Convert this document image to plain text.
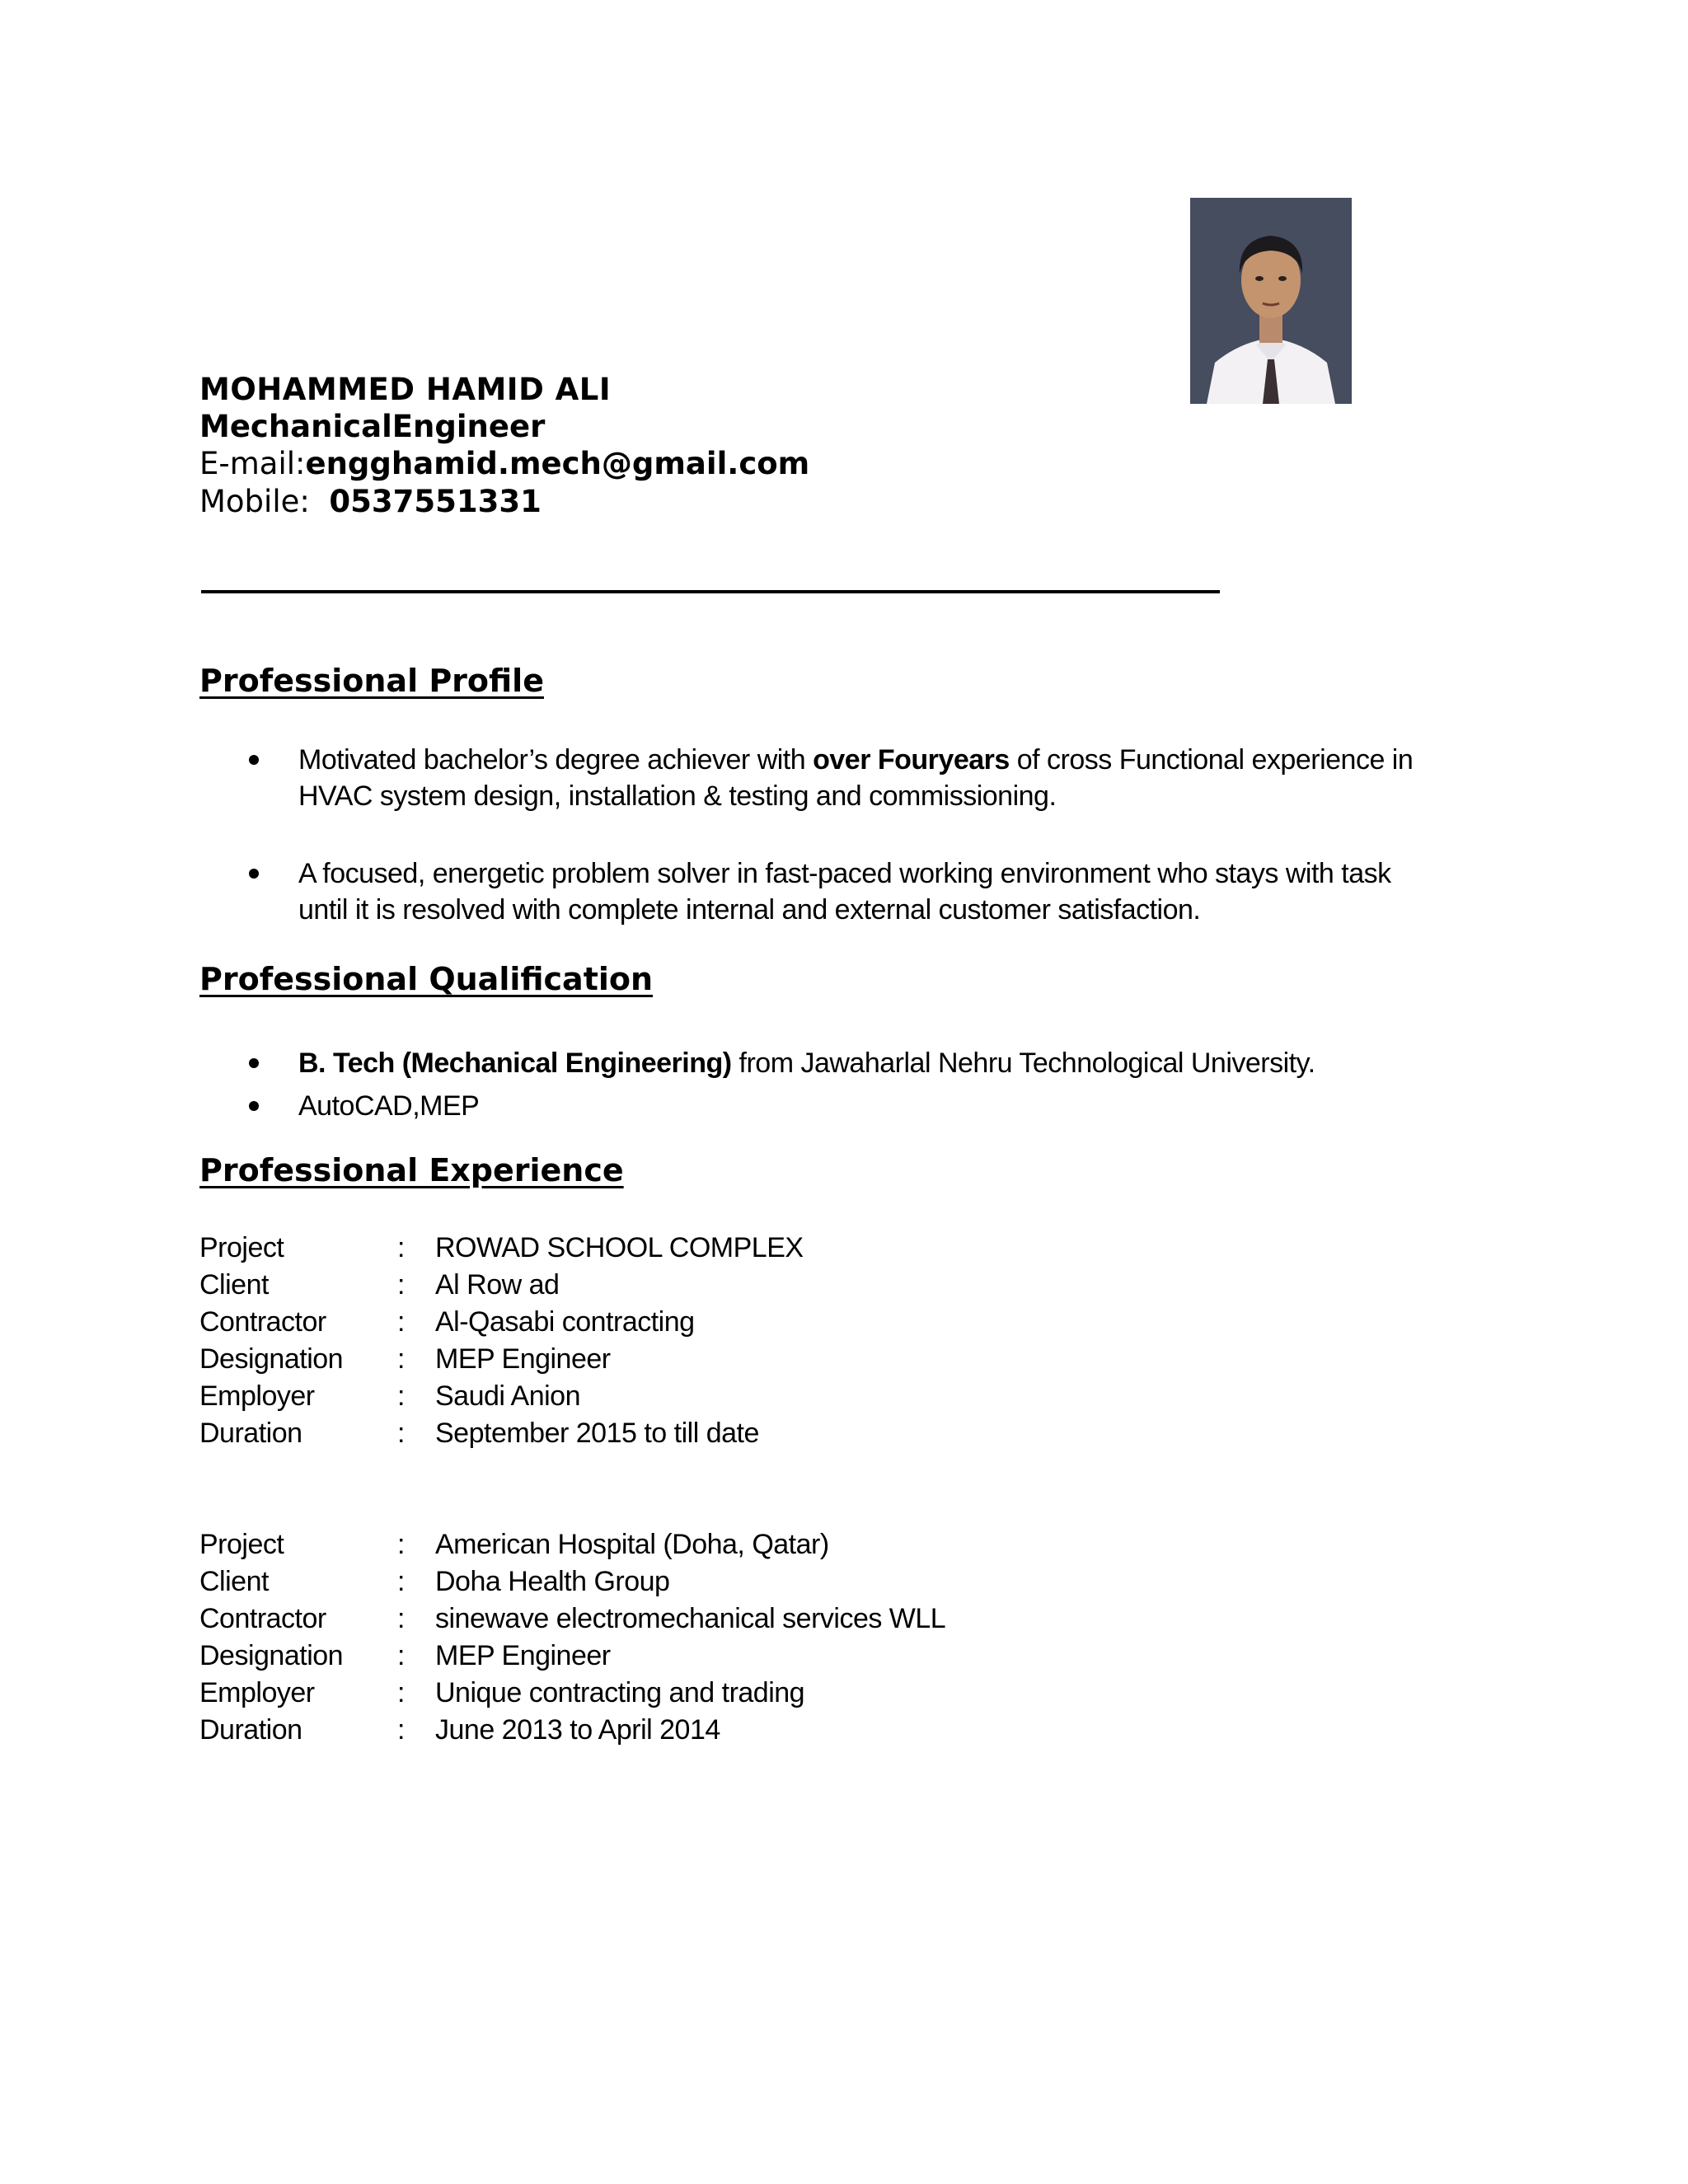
MOHAMMED HAMID ALI
MechanicalEngineer
E-mail:engghamid.mech@gmail.com
Mobile: 0537551331
Professional Profile
Motivated bachelor’s degree achiever with over Fouryears of cross Functional experience in
HVAC system design, installation & testing and commissioning.
A focused, energetic problem solver in fast-paced working environment who stays with task
until it is resolved with complete internal and external customer satisfaction.
Professional Qualification
B. Tech (Mechanical Engineering) from Jawaharlal Nehru Technological University.
AutoCAD,MEP
Professional Experience
Project	:	ROWAD SCHOOL COMPLEX
Client	:	Al Row ad
Contractor	:	Al-Qasabi contracting
Designation	:	MEP Engineer
Employer	:	Saudi Anion
Duration	:	September 2015 to till date
Project	:	American Hospital (Doha, Qatar)
Client	:	Doha Health Group
Contractor	:	sinewave electromechanical services WLL
Designation	:	MEP Engineer
Employer	:	Unique contracting and trading
Duration	:	June 2013 to April 2014
